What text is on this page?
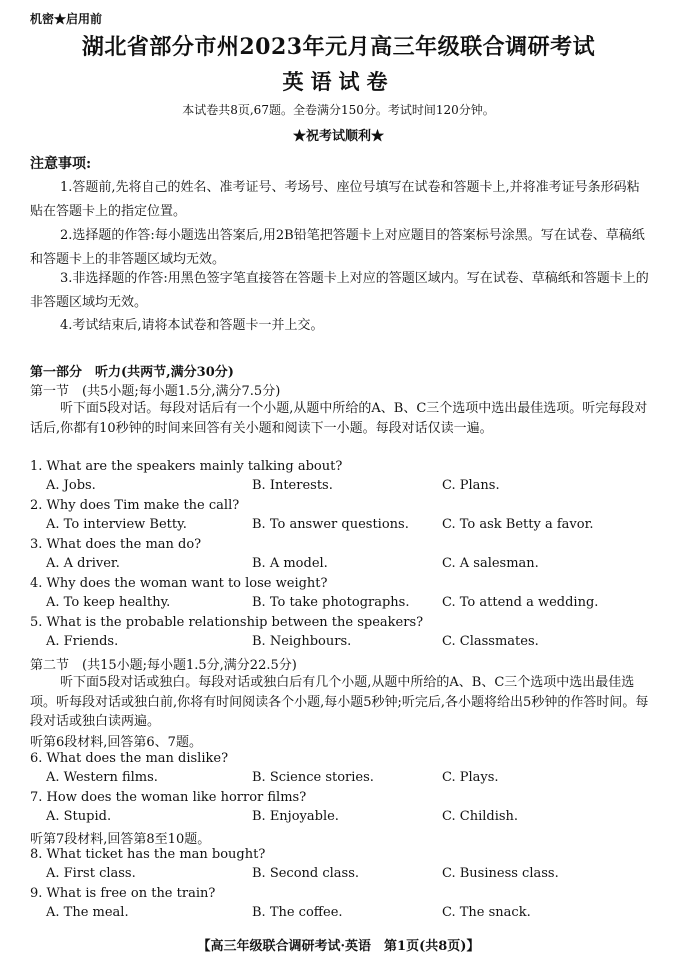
机密★启用前
湖北省部分市州2023年元月高三年级联合调研考试
英语试卷
本试卷共8页,67题。全卷满分150分。考试时间120分钟。
★祝考试顺利★
注意事项:
1.答题前,先将自己的姓名、准考证号、考场号、座位号填写在试卷和答题卡上,并将准考证号条形码粘贴在答题卡上的指定位置。
2.选择题的作答:每小题选出答案后,用2B铅笔把答题卡上对应题目的答案标号涂黑。写在试卷、草稿纸和答题卡上的非答题区域均无效。
3.非选择题的作答:用黑色签字笔直接答在答题卡上对应的答题区域内。写在试卷、草稿纸和答题卡上的非答题区域均无效。
4.考试结束后,请将本试卷和答题卡一并上交。
第一部分　听力(共两节,满分30分)
第一节　(共5小题;每小题1.5分,满分7.5分)
听下面5段对话。每段对话后有一个小题,从题中所给的A、B、C三个选项中选出最佳选项。听完每段对话后,你都有10秒钟的时间来回答有关小题和阅读下一小题。每段对话仅读一遍。
1. What are the speakers mainly talking about?
A. Jobs.	B. Interests.	C. Plans.
2. Why does Tim make the call?
A. To interview Betty.	B. To answer questions.	C. To ask Betty a favor.
3. What does the man do?
A. A driver.	B. A model.	C. A salesman.
4. Why does the woman want to lose weight?
A. To keep healthy.	B. To take photographs.	C. To attend a wedding.
5. What is the probable relationship between the speakers?
A. Friends.	B. Neighbours.	C. Classmates.
第二节　(共15小题;每小题1.5分,满分22.5分)
听下面5段对话或独白。每段对话或独白后有几个小题,从题中所给的A、B、C三个选项中选出最佳选项。听每段对话或独白前,你将有时间阅读各个小题,每小题5秒钟;听完后,各小题将给出5秒钟的作答时间。每段对话或独白读两遍。
听第6段材料,回答第6、7题。
6. What does the man dislike?
A. Western films.	B. Science stories.	C. Plays.
7. How does the woman like horror films?
A. Stupid.	B. Enjoyable.	C. Childish.
听第7段材料,回答第8至10题。
8. What ticket has the man bought?
A. First class.	B. Second class.	C. Business class.
9. What is free on the train?
A. The meal.	B. The coffee.	C. The snack.
【高三年级联合调研考试·英语　第1页(共8页)】
